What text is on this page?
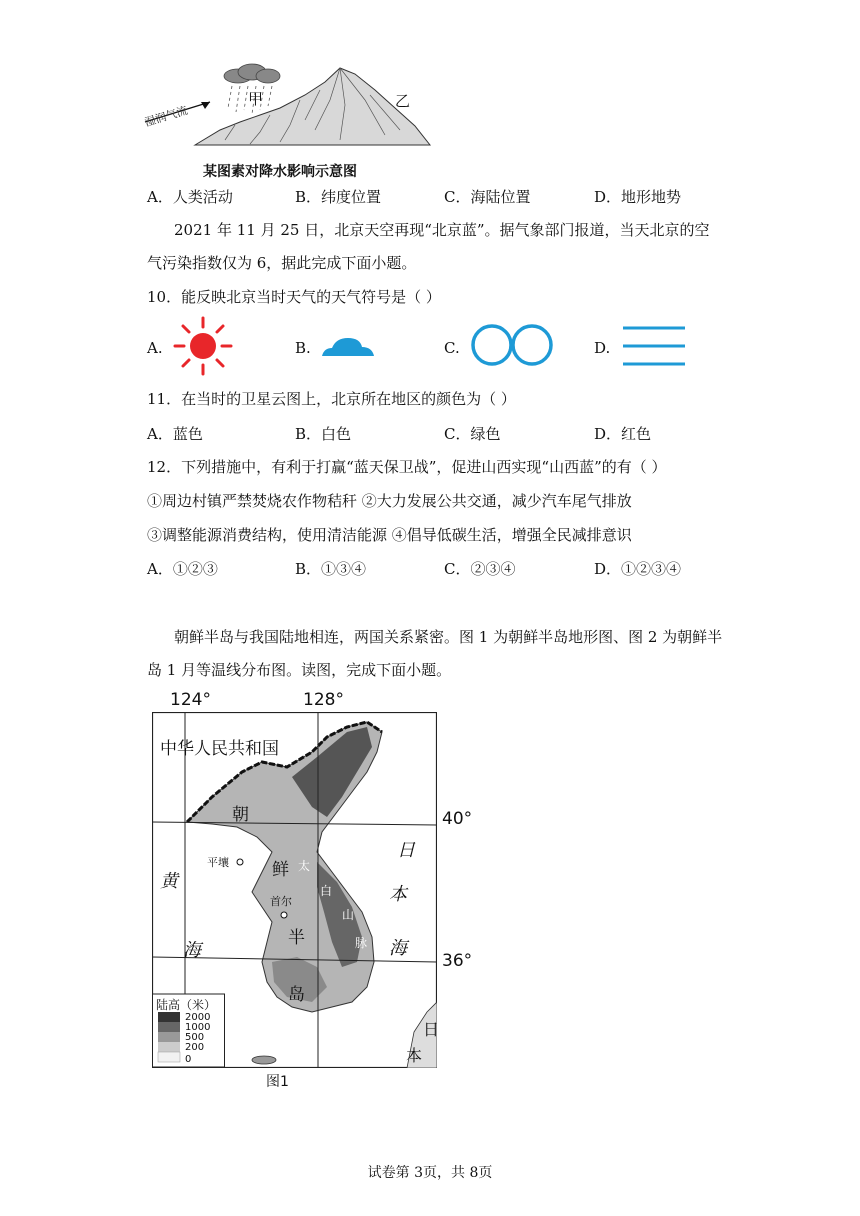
湿润气流
甲	乙
某图素对降水影响示意图
A．人类活动	B．纬度位置	C．海陆位置	D．地形地势
2021 年 11 月 25 日，北京天空再现“北京蓝”。据气象部门报道，当天北京的空
气污染指数仅为 6，据此完成下面小题。
10．能反映北京当时天气的天气符号是（ ）
A.	B.	C.	D.
11．在当时的卫星云图上，北京所在地区的颜色为（ ）
A．蓝色	B．白色	C．绿色	D．红色
12．下列措施中，有利于打赢“蓝天保卫战”，促进山西实现“山西蓝”的有（ ）
①周边村镇严禁焚烧农作物秸秆 ②大力发展公共交通，减少汽车尾气排放
③调整能源消费结构，使用清洁能源 ④倡导低碳生活，增强全民减排意识
A．①②③	B．①③④	C．②③④	D．①②③④
朝鲜半岛与我国陆地相连，两国关系紧密。图 1 为朝鲜半岛地形图、图 2 为朝鲜半
岛 1 月等温线分布图。读图，完成下面小题。
124°	128°
40°
36°
中华人民共和国
朝
鲜
半
岛
平壤
首尔
黄
海
日
本
海
太
白
山
脉
日
本
陆高（米）
2000
1000
500
200
0
图1
试卷第 3页，共 8页
